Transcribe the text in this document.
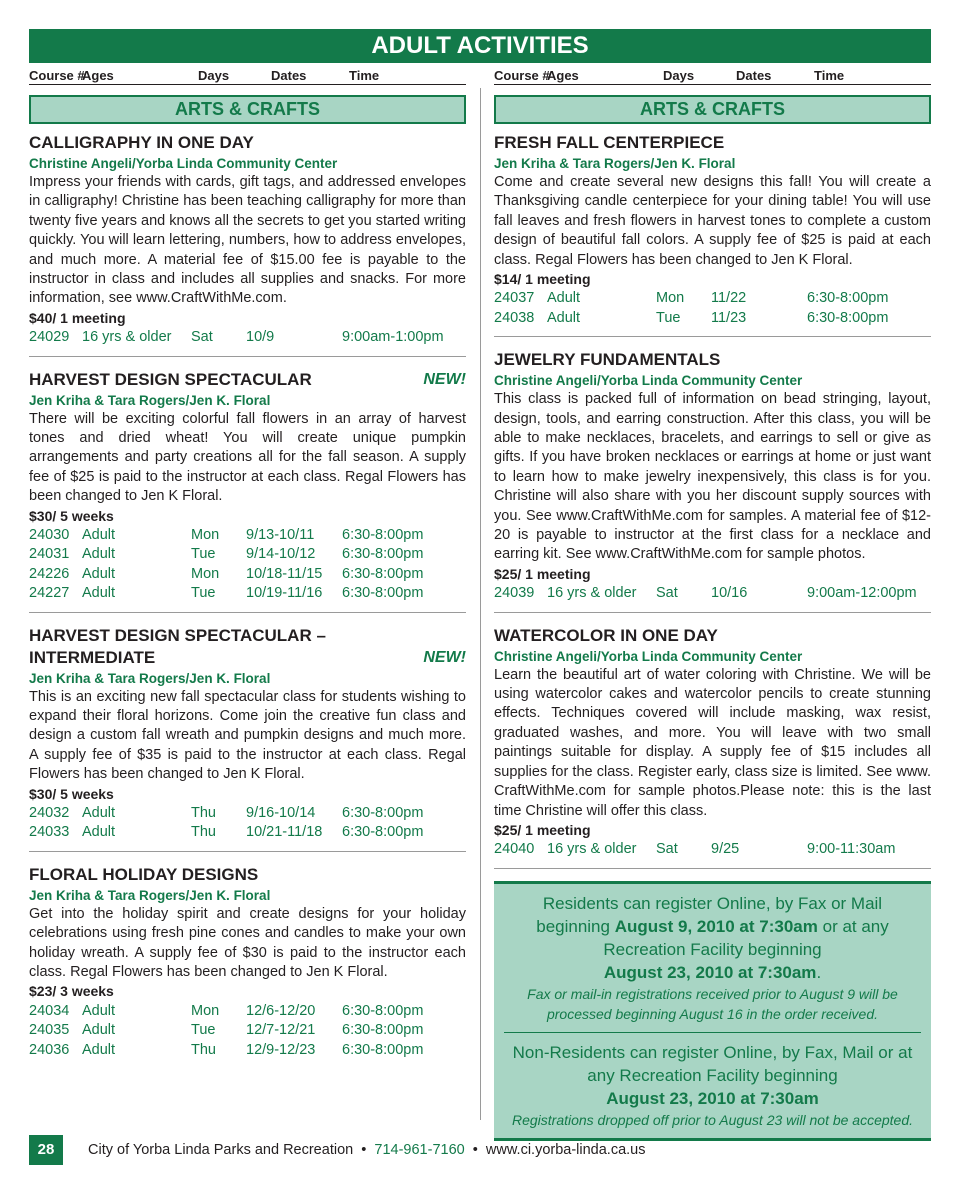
ADULT ACTIVITIES
Course #
Ages	Days	Dates	Time
ARTS & CRAFTS
CALLIGRAPHY IN ONE DAY
Christine Angeli/Yorba Linda Community Center
Impress your friends with cards, gift tags, and addressed envelopes in calligraphy! Christine has been teaching calligraphy for more than twenty five years and knows all the secrets to get you started writing quickly. You will learn lettering, numbers, how to address envelopes, and much more. A material fee of $15.00 fee is payable to the instructor in class and includes all supplies and snacks. For more information, see www.CraftWithMe.com.
$40/ 1 meeting
24029 16 yrs & older Sat 10/9	9:00am-1:00pm
HARVEST DESIGN SPECTACULAR	NEW!
Jen Kriha & Tara Rogers/Jen K. Floral
There will be exciting colorful fall flowers in an array of harvest tones and dried wheat! You will create unique pumpkin arrangements and party creations all for the fall season. A supply fee of $25 is paid to the instructor at each class. Regal Flowers has been changed to Jen K Floral.
$30/ 5 weeks
24030 Adult	Mon 9/13-10/11 6:30-8:00pm
24031 Adult	Tue 9/14-10/12 6:30-8:00pm
24226 Adult	Mon 10/18-11/15 6:30-8:00pm
24227 Adult	Tue 10/19-11/16 6:30-8:00pm
HARVEST DESIGN SPECTACULAR – INTERMEDIATE	NEW!
Jen Kriha & Tara Rogers/Jen K. Floral
This is an exciting new fall spectacular class for students wishing to expand their floral horizons. Come join the creative fun class and design a custom fall wreath and pumpkin designs and much more. A supply fee of $35 is paid to the instructor at each class. Regal Flowers has been changed to Jen K Floral.
$30/ 5 weeks
24032 Adult	Thu 9/16-10/14 6:30-8:00pm
24033 Adult	Thu 10/21-11/18 6:30-8:00pm
FLORAL HOLIDAY DESIGNS
Jen Kriha & Tara Rogers/Jen K. Floral
Get into the holiday spirit and create designs for your holiday celebrations using fresh pine cones and candles to make your own holiday wreath. A supply fee of $30 is paid to the instructor each class. Regal Flowers has been changed to Jen K Floral.
$23/ 3 weeks
24034 Adult	Mon 12/6-12/20 6:30-8:00pm
24035 Adult	Tue 12/7-12/21 6:30-8:00pm
24036 Adult	Thu 12/9-12/23 6:30-8:00pm
Course #
Ages	Days	Dates	Time
ARTS & CRAFTS
FRESH FALL CENTERPIECE
Jen Kriha & Tara Rogers/Jen K. Floral
Come and create several new designs this fall! You will create a Thanksgiving candle centerpiece for your dining table! You will use fall leaves and fresh flowers in harvest tones to complete a custom design of beautiful fall colors. A supply fee of $25 is paid at each class. Regal Flowers has been changed to Jen K Floral.
$14/ 1 meeting
24037 Adult	Mon 11/22	6:30-8:00pm
24038 Adult	Tue 11/23	6:30-8:00pm
JEWELRY FUNDAMENTALS
Christine Angeli/Yorba Linda Community Center
This class is packed full of information on bead stringing, layout, design, tools, and earring construction. After this class, you will be able to make necklaces, bracelets, and earrings to sell or give as gifts. If you have broken necklaces or earrings at home or just want to learn how to make jewelry inexpensively, this class is for you. Christine will also share with you her discount supply sources with you. See www.CraftWithMe.com for samples. A material fee of $12-20 is payable to instructor at the first class for a necklace and earring kit. See www.CraftWithMe.com for sample photos.
$25/ 1 meeting
24039 16 yrs & older Sat 10/16	9:00am-12:00pm
WATERCOLOR IN ONE DAY
Christine Angeli/Yorba Linda Community Center
Learn the beautiful art of water coloring with Christine. We will be using watercolor cakes and watercolor pencils to create stunning effects. Techniques covered will include masking, wax resist, graduated washes, and more. You will leave with two small paintings suitable for display. A supply fee of $15 includes all supplies for the class. Register early, class size is limited. See www. CraftWithMe.com for sample photos.Please note: this is the last time Christine will offer this class.
$25/ 1 meeting
24040 16 yrs & older Sat 9/25	9:00-11:30am
Residents can register Online, by Fax or Mail beginning August 9, 2010 at 7:30am or at any Recreation Facility beginning
August 23, 2010 at 7:30am.
Fax or mail-in registrations received prior to August 9 will be processed beginning August 16 in the order received.
Non-Residents can register Online, by Fax, Mail or at any Recreation Facility beginning
August 23, 2010 at 7:30am
Registrations dropped off prior to August 23 will not be accepted.
28	City of Yorba Linda Parks and Recreation • 714-961-7160 • www.ci.yorba-linda.ca.us
